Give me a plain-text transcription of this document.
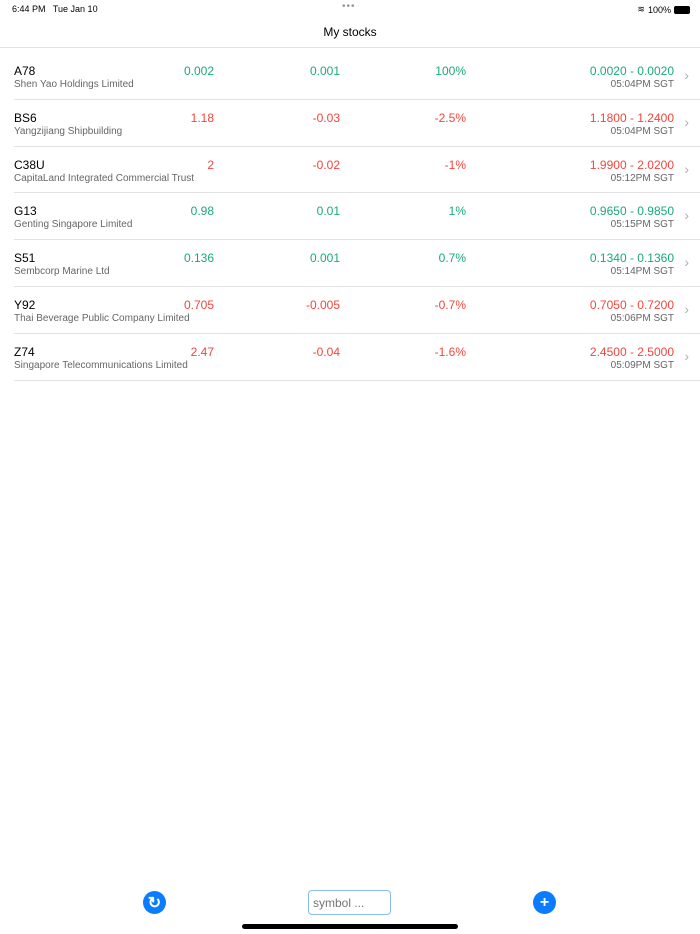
6:44 PM Tue Jan 10	•••	︎≋ 100%
My stocks
A78
Shen Yao Holdings Limited
0.002	0.001	100%	0.0020 - 0.0020
05:04PM SGT
›
BS6
Yangzijiang Shipbuilding
1.18	-0.03	-2.5%	1.1800 - 1.2400
05:04PM SGT
›
C38U
CapitaLand Integrated Commercial Trust
2	-0.02	-1%	1.9900 - 2.0200
05:12PM SGT
›
G13
Genting Singapore Limited
0.98	0.01	1%	0.9650 - 0.9850
05:15PM SGT
›
S51
Sembcorp Marine Ltd
0.136	0.001	0.7%	0.1340 - 0.1360
05:14PM SGT
›
Y92
Thai Beverage Public Company Limited
0.705	-0.005	-0.7%	0.7050 - 0.7200
05:06PM SGT
›
Z74
Singapore Telecommunications Limited
2.47	-0.04	-1.6%	2.4500 - 2.5000
05:09PM SGT
›
↻
symbol ...	+
